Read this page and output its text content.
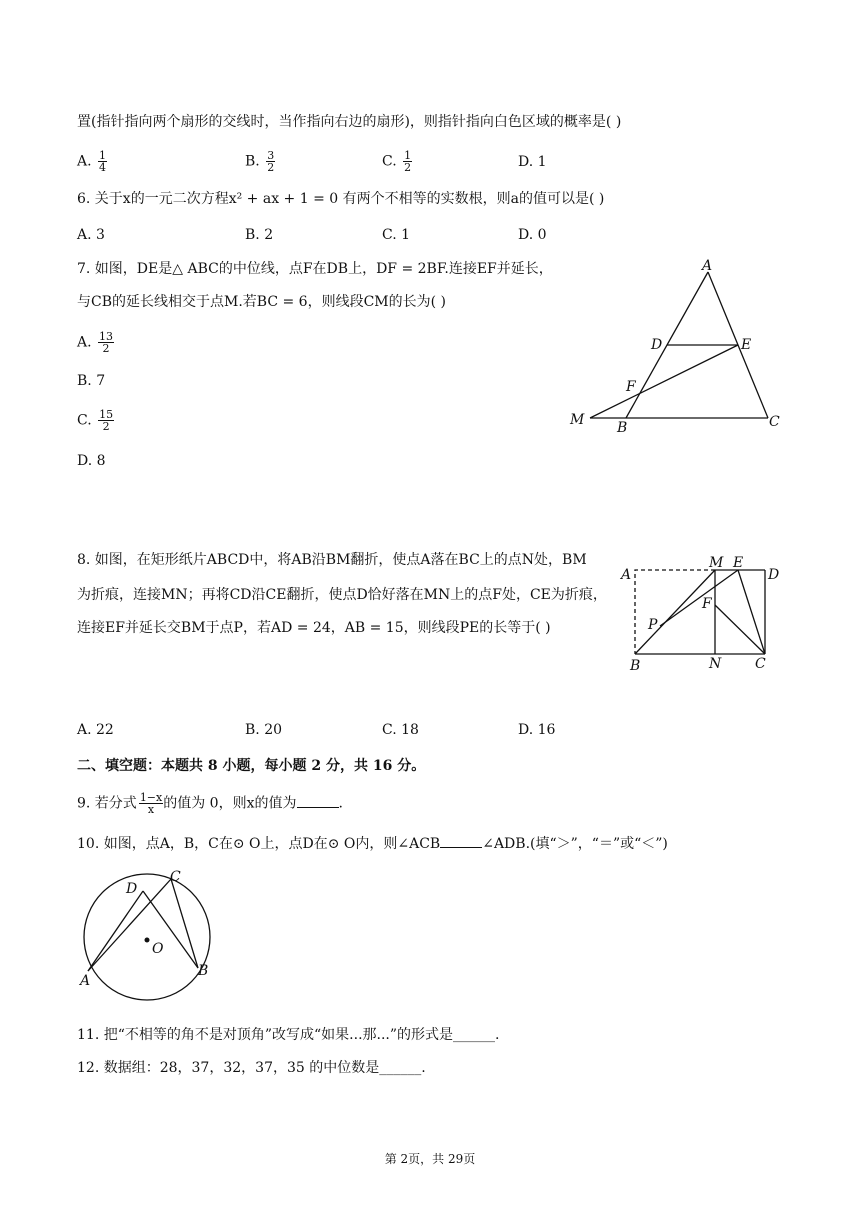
置(指针指向两个扇形的交线时，当作指向右边的扇形)，则指针指向白色区域的概率是( )
A. $\frac{1}{4}$	B. $\frac{3}{2}$	C. $\frac{1}{2}$	D. 1
6. 关于x的一元二次方程x² + ax + 1 = 0 有两个不相等的实数根，则a的值可以是( )
A. 3	B. 2	C. 1	D. 0
7. 如图，DE是△ ABC的中位线，点F在DB上，DF = 2BF.连接EF并延长，
与CB的延长线相交于点M.若BC = 6，则线段CM的长为( )
A. $\frac{13}{2}$
B. 7
C. $\frac{15}{2}$
D. 8
A
D	E
F
M B	C
8. 如图，在矩形纸片ABCD中，将AB沿BM翻折，使点A落在BC上的点N处，BM
为折痕，连接MN；再将CD沿CE翻折，使点D恰好落在MN上的点F处，CE为折痕，
连接EF并延长交BM于点P，若AD = 24，AB = 15，则线段PE的长等于( )
A
M E
D
F
P
B	N C
A. 22	B. 20	C. 18	D. 16
二、填空题：本题共 8 小题，每小题 2 分，共 16 分。
9. 若分式 $\frac{1-x}{x}$ 的值为 0，则x的值为	.
10. 如图，点A，B，C在⊙ O上，点D在⊙ O内，则∠ACB	∠ADB.(填“＞”，“＝”或“＜”)
D
C
O
A
B
11. 把“不相等的角不是对顶角”改写成“如果...那...”的形式是______.
12. 数据组：28，37，32，37，35 的中位数是______.
第 2页，共 29页
